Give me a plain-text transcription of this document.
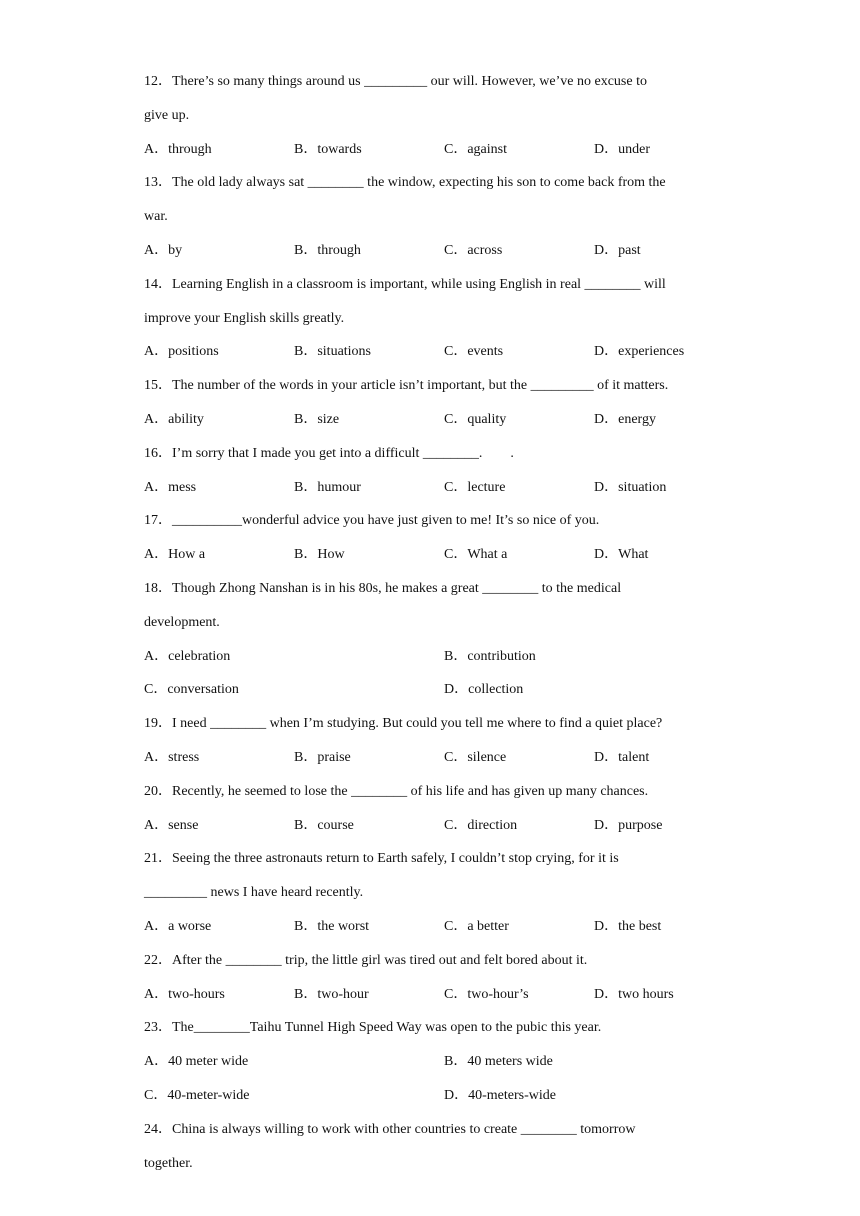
12．There’s so many things around us _________ our will. However, we’ve no excuse to
give up.
A．through	B．towards	C．against	D．under
13．The old lady always sat ________ the window, expecting his son to come back from the
war.
A．by	B．through	C．across	D．past
14．Learning English in a classroom is important, while using English in real ________ will
improve your English skills greatly.
A．positions	B．situations	C．events	D．experiences
15．The number of the words in your article isn’t important, but the _________ of it matters.
A．ability	B．size	C．quality	D．energy
16．I’m sorry that I made you get into a difficult ________.        .
A．mess	B．humour	C．lecture	D．situation
17．__________wonderful advice you have just given to me! It’s so nice of you.
A．How a	B．How	C．What a	D．What
18．Though Zhong Nanshan is in his 80s, he makes a great ________ to the medical
development.
A．celebration	B．contribution
C．conversation	D．collection
19．I need ________ when I’m studying. But could you tell me where to find a quiet place?
A．stress	B．praise	C．silence	D．talent
20．Recently, he seemed to lose the ________ of his life and has given up many chances.
A．sense	B．course	C．direction	D．purpose
21．Seeing the three astronauts return to Earth safely, I couldn’t stop crying, for it is
_________ news I have heard recently.
A．a worse	B．the worst	C．a better	D．the best
22．After the ________ trip, the little girl was tired out and felt bored about it.
A．two-hours	B．two-hour	C．two-hour’s	D．two hours
23．The________Taihu Tunnel High Speed Way was open to the pubic this year.
A．40 meter wide	B．40 meters wide
C．40-meter-wide	D．40-meters-wide
24．China is always willing to work with other countries to create ________ tomorrow
together.
